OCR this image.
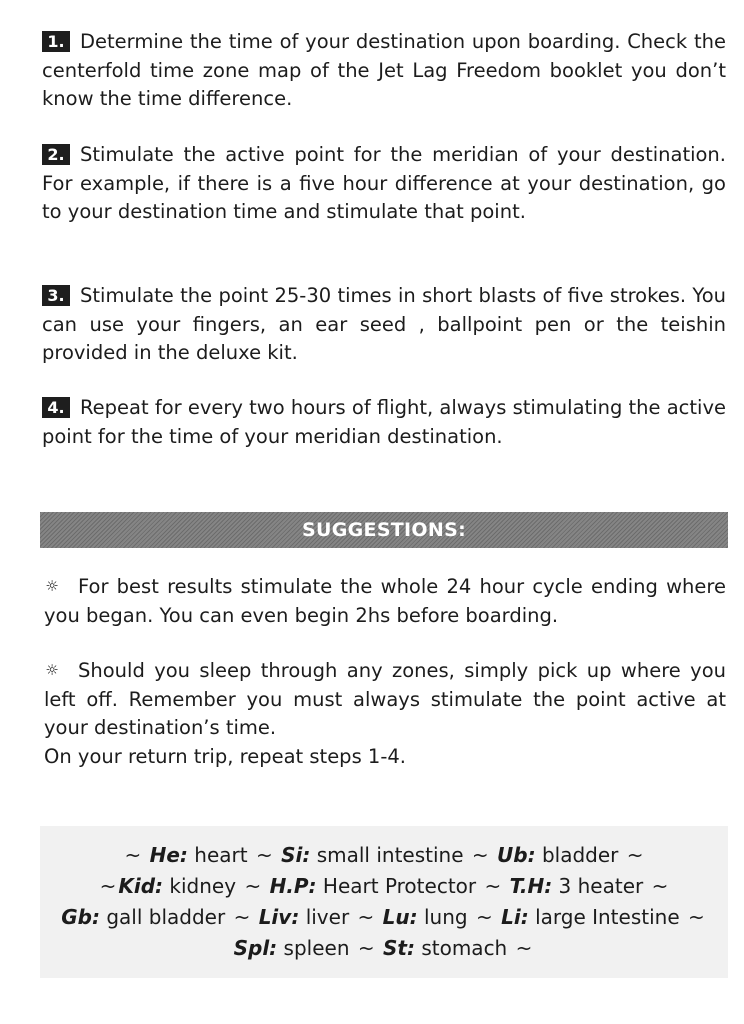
1. Determine the time of your destination upon boarding. Check the centerfold time zone map of the Jet Lag Freedom booklet you don’t know the time difference.
2. Stimulate the active point for the meridian of your destination. For example, if there is a five hour difference at your destination, go to your destination time and stimulate that point.
3. Stimulate the point 25-30 times in short blasts of five strokes. You can use your fingers, an ear seed , ballpoint pen or the teishin provided in the deluxe kit.
4. Repeat for every two hours of flight, always stimulating the active point for the time of your meridian destination.
SUGGESTIONS:

☼ For best results stimulate the whole 24 hour cycle ending where you began. You can even begin 2hs before boarding.

☼ Should you sleep through any zones, simply pick up where you left off. Remember you must always stimulate the point active at your destination’s time.

On your return trip, repeat steps 1-4.

~ He: heart ~ Si: small intestine ~ Ub: bladder ~
~ Kid: kidney ~ H.P: Heart Protector ~ T.H: 3 heater ~
Gb: gall bladder ~ Liv: liver ~ Lu: lung ~ Li: large Intestine ~
Spl: spleen ~ St: stomach ~
